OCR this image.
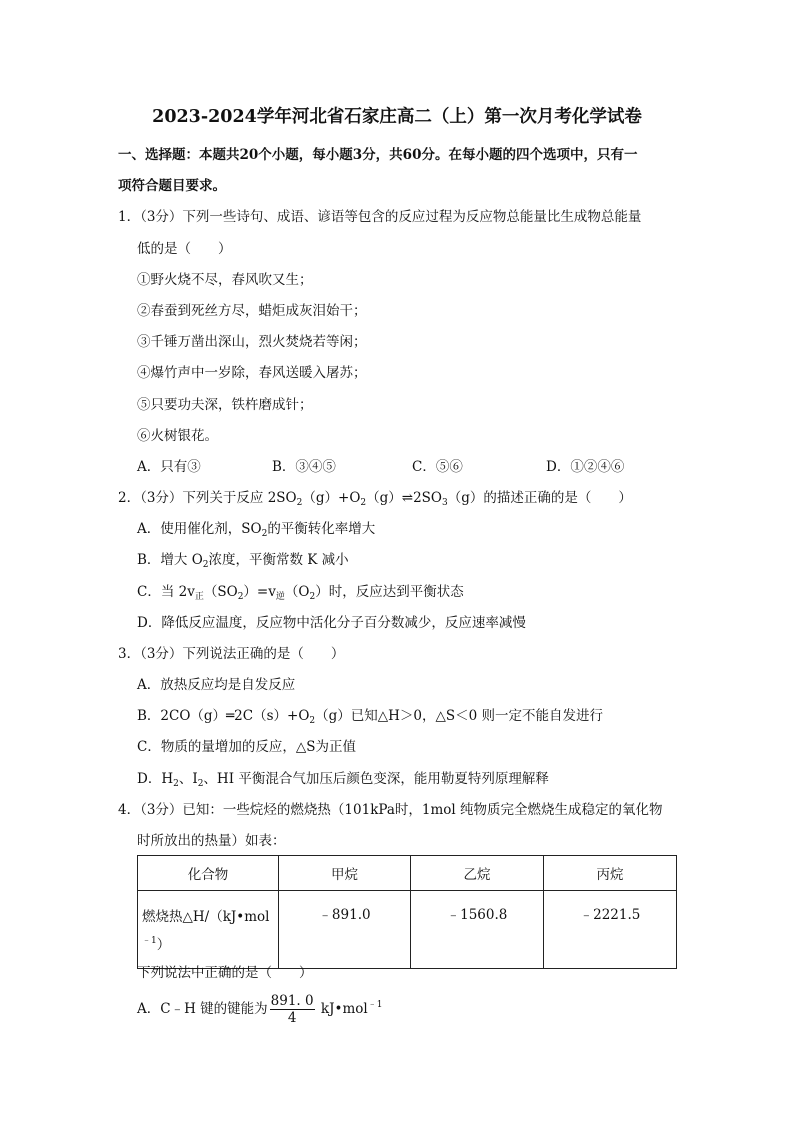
2023-2024学年河北省石家庄高二（上）第一次月考化学试卷
一、选择题：本题共20个小题，每小题3分，共60分。在每小题的四个选项中，只有一
项符合题目要求。
1．（3分）下列一些诗句、成语、谚语等包含的反应过程为反应物总能量比生成物总能量
低的是（　　）
①野火烧不尽，春风吹又生；
②春蚕到死丝方尽，蜡炬成灰泪始干；
③千锤万凿出深山，烈火焚烧若等闲；
④爆竹声中一岁除，春风送暖入屠苏；
⑤只要功夫深，铁杵磨成针；
⑥火树银花。
A．只有③	B．③④⑤	C．⑤⑥	D．①②④⑥
2．（3分）下列关于反应 $2SO_2(g)+O_2(g)\rightleftharpoons 2SO_3(g)$的描述正确的是（　　）
A．使用催化剂，$SO_2$的平衡转化率增大
B．增大 $O_2$浓度，平衡常数 K 减小
C．当 $2v_正(SO_2)=v_逆(O_2)$时，反应达到平衡状态
D．降低反应温度，反应物中活化分子百分数减少，反应速率减慢
3．（3分）下列说法正确的是（　　）
A．放热反应均是自发反应
B．$2CO(g)═2C(s)+O_2(g)$已知△H＞0，△S＜0 则一定不能自发进行
C．物质的量增加的反应，△S为正值
D．$H_2$、$I_2$、HI 平衡混合气加压后颜色变深，能用勒夏特列原理解释
4．（3分）已知：一些烷烃的燃烧热（101kPa时，1mol 纯物质完全燃烧生成稳定的氧化物
时所放出的热量）如表：
化合物	甲烷	乙烷	丙烷
燃烧热△H/（kJ•mol$^{﹣1}$）	﹣891.0	﹣1560.8	﹣2221.5
下列说法中正确的是（　　）
A．C﹣H 键的键能为 $\frac{891. 0}{4}$ kJ•mol$^{﹣1}$
